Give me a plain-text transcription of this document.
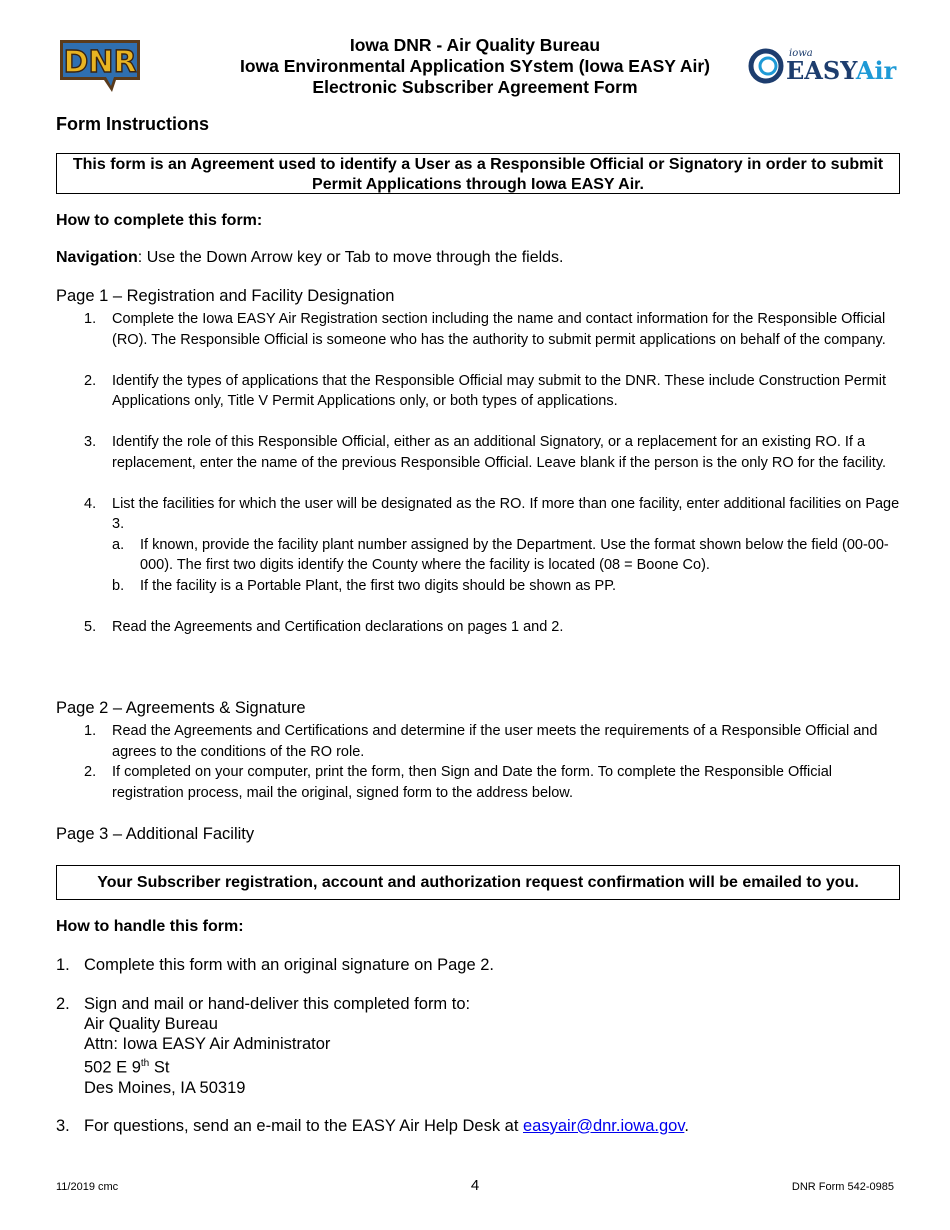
DNR	Iowa DNR - Air Quality Bureau
Iowa Environmental Application SYstem (Iowa EASY Air)
Electronic Subscriber Agreement Form
iowa
EASYAir
Form Instructions
This form is an Agreement used to identify a User as a Responsible Official or Signatory in order to submit Permit Applications through Iowa EASY Air.
How to complete this form:
Navigation: Use the Down Arrow key or Tab to move through the fields.
Page 1 – Registration and Facility Designation
1. Complete the Iowa EASY Air Registration section including the name and contact information for the Responsible Official (RO). The Responsible Official is someone who has the authority to submit permit applications on behalf of the company.
2. Identify the types of applications that the Responsible Official may submit to the DNR. These include Construction Permit Applications only, Title V Permit Applications only, or both types of applications.
3. Identify the role of this Responsible Official, either as an additional Signatory, or a replacement for an existing RO. If a replacement, enter the name of the previous Responsible Official. Leave blank if the person is the only RO for the facility.
4. List the facilities for which the user will be designated as the RO. If more than one facility, enter additional facilities on Page 3.
a. If known, provide the facility plant number assigned by the Department. Use the format shown below the field (00-00-000). The first two digits identify the County where the facility is located (08 = Boone Co).
b. If the facility is a Portable Plant, the first two digits should be shown as PP.
5. Read the Agreements and Certification declarations on pages 1 and 2.
Page 2 – Agreements & Signature
1. Read the Agreements and Certifications and determine if the user meets the requirements of a Responsible Official and agrees to the conditions of the RO role.
2. If completed on your computer, print the form, then Sign and Date the form. To complete the Responsible Official registration process, mail the original, signed form to the address below.
Page 3 – Additional Facility
Your Subscriber registration, account and authorization request confirmation will be emailed to you.
How to handle this form:
1. Complete this form with an original signature on Page 2.
2. Sign and mail or hand-deliver this completed form to:
Air Quality Bureau
Attn: Iowa EASY Air Administrator
502 E 9th St
Des Moines, IA 50319
3. For questions, send an e-mail to the EASY Air Help Desk at easyair@dnr.iowa.gov.
11/2019 cmc	4	DNR Form 542-0985
